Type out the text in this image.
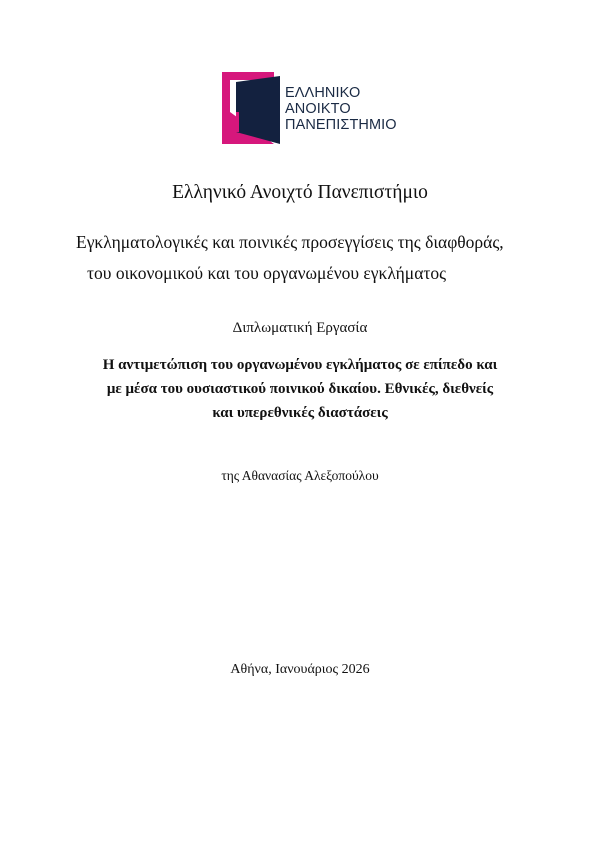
ΕΛΛΗΝΙΚΟ
ΑΝΟΙΚΤΟ
ΠΑΝΕΠΙΣΤΗΜΙΟ
Ελληνικό Ανοιχτό Πανεπιστήμιο
Εγκληματολογικές και ποινικές προσεγγίσεις της διαφθοράς,
του οικονομικού και του οργανωμένου εγκλήματος
Διπλωματική Εργασία
Η αντιμετώπιση του οργανωμένου εγκλήματος σε επίπεδο και
με μέσα του ουσιαστικού ποινικού δικαίου. Εθνικές, διεθνείς
και υπερεθνικές διαστάσεις
της Αθανασίας Αλεξοπούλου
Αθήνα, Ιανουάριος 2026
